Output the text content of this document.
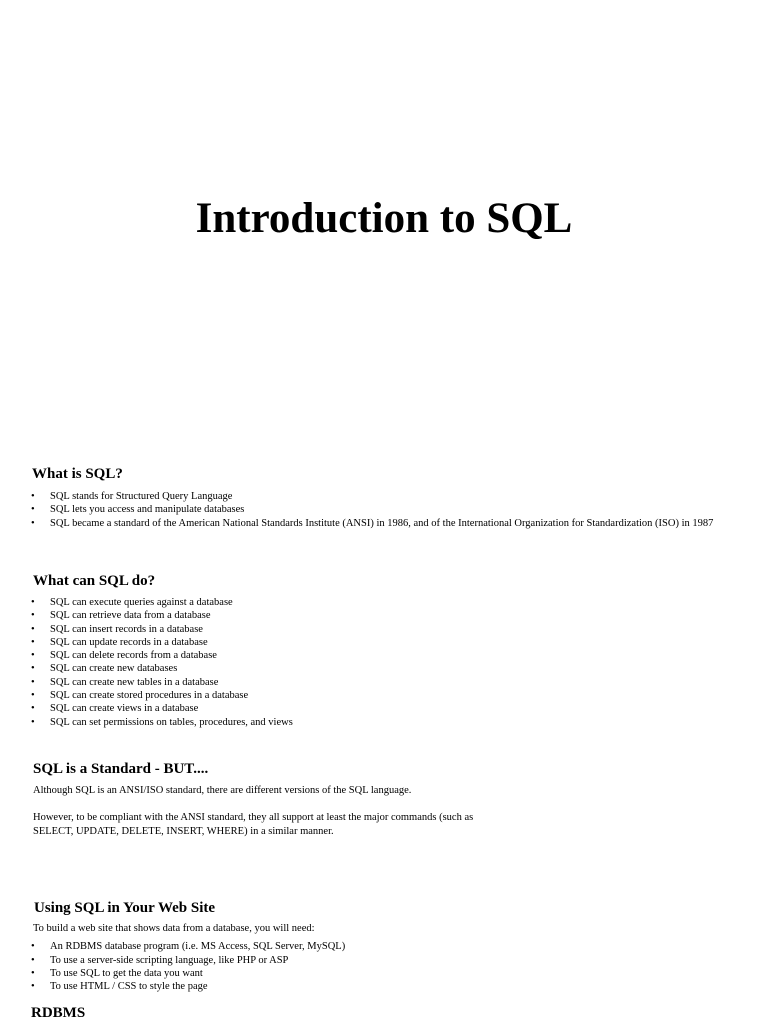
Introduction to SQL
What is SQL?
• SQL stands for Structured Query Language
• SQL lets you access and manipulate databases
• SQL became a standard of the American National Standards Institute (ANSI) in 1986, and of the International Organization for Standardization (ISO) in 1987
What can SQL do?
• SQL can execute queries against a database
• SQL can retrieve data from a database
• SQL can insert records in a database
• SQL can update records in a database
• SQL can delete records from a database
• SQL can create new databases
• SQL can create new tables in a database
• SQL can create stored procedures in a database
• SQL can create views in a database
• SQL can set permissions on tables, procedures, and views
SQL is a Standard - BUT....

Although SQL is an ANSI/ISO standard, there are different versions of the SQL language.

However, to be compliant with the ANSI standard, they all support at least the major commands (such as SELECT, UPDATE, DELETE, INSERT, WHERE) in a similar manner.

Using SQL in Your Web Site

To build a web site that shows data from a database, you will need:

• An RDBMS database program (i.e. MS Access, SQL Server, MySQL)
• To use a server-side scripting language, like PHP or ASP
• To use SQL to get the data you want
• To use HTML / CSS to style the page
RDBMS
